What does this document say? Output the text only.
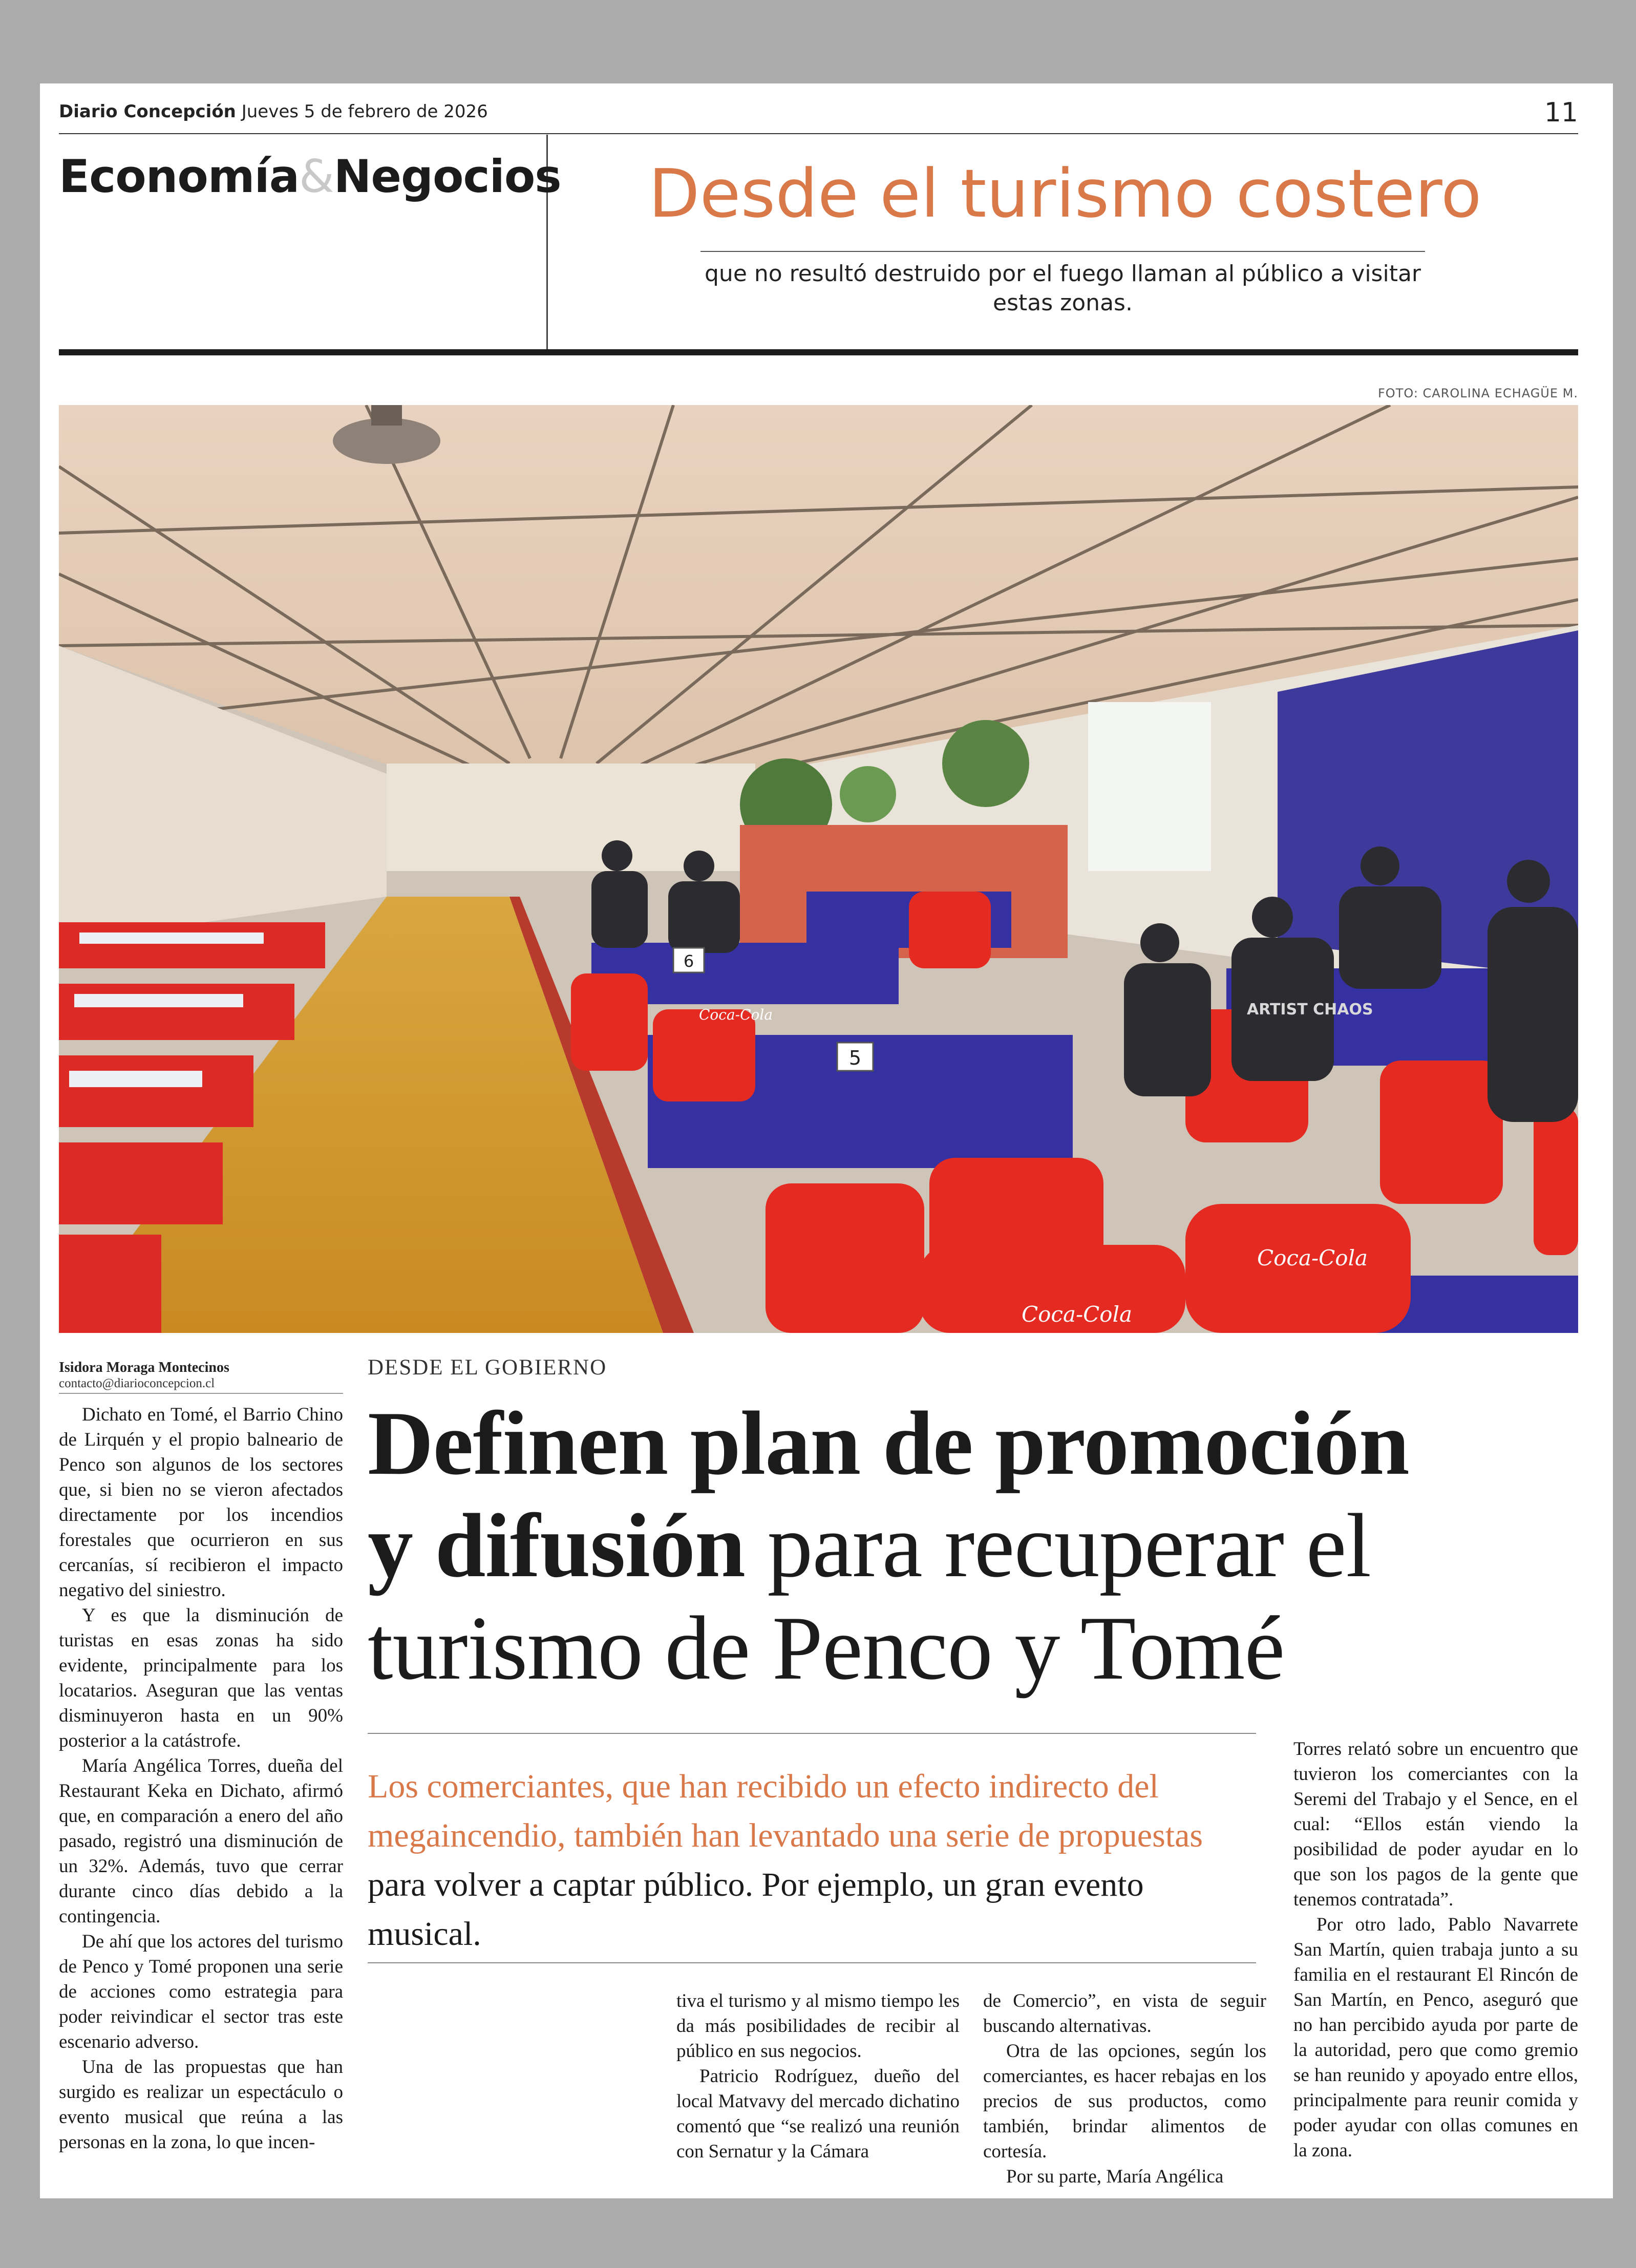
Diario Concepción Jueves 5 de febrero de 2026	11
Economía&Negocios	Desde el turismo costero
que no resultó destruido por el fuego llaman al público a visitar estas zonas.
FOTO: CAROLINA ECHAGÜE M.
5
6
Coca-Cola
Coca-Cola
Coca-Cola	ARTIST CHAOS
Isidora Moraga Montecinos
contacto@diarioconcepcion.cl
DESDE EL GOBIERNO
Definen plan de promoción
y difusión para recuperar el
turismo de Penco y Tomé
Los comerciantes, que han recibido un efecto indirecto del megaincendio, también han levantado una serie de propuestas para volver a captar público. Por ejemplo, un gran evento musical.

Dichato en Tomé, el Barrio Chino de Lirquén y el propio balneario de Penco son algunos de los sectores que, si bien no se vieron afectados directamente por los incendios forestales que ocurrieron en sus cercanías, sí recibieron el impacto negativo del siniestro.

Y es que la disminución de turistas en esas zonas ha sido evidente, principalmente para los locatarios. Aseguran que las ventas disminuyeron hasta en un 90% posterior a la catástrofe.

María Angélica Torres, dueña del Restaurant Keka en Dichato, afirmó que, en comparación a enero del año pasado, registró una disminución de un 32%. Además, tuvo que cerrar durante cinco días debido a la contingencia.

De ahí que los actores del turismo de Penco y Tomé proponen una serie de acciones como estrategia para poder reivindicar el sector tras este escenario adverso.

Una de las propuestas que han surgido es realizar un espectáculo o evento musical que reúna a las personas en la zona, lo que incen-

tiva el turismo y al mismo tiempo les da más posibilidades de recibir al público en sus negocios.

Patricio Rodríguez, dueño del local Matvavy del mercado dichatino comentó que “se realizó una reunión con Sernatur y la Cámara

de Comercio”, en vista de seguir buscando alternativas.

Otra de las opciones, según los comerciantes, es hacer rebajas en los precios de sus productos, como también, brindar alimentos de cortesía.

Por su parte, María Angélica

Torres relató sobre un encuentro que tuvieron los comerciantes con la Seremi del Trabajo y el Sence, en el cual: “Ellos están viendo la posibilidad de poder ayudar en lo que son los pagos de la gente que tenemos contratada”.

Por otro lado, Pablo Navarrete San Martín, quien trabaja junto a su familia en el restaurant El Rincón de San Martín, en Penco, aseguró que no han percibido ayuda por parte de la autoridad, pero que como gremio se han reunido y apoyado entre ellos, principalmente para reunir comida y poder ayudar con ollas comunes en la zona.
